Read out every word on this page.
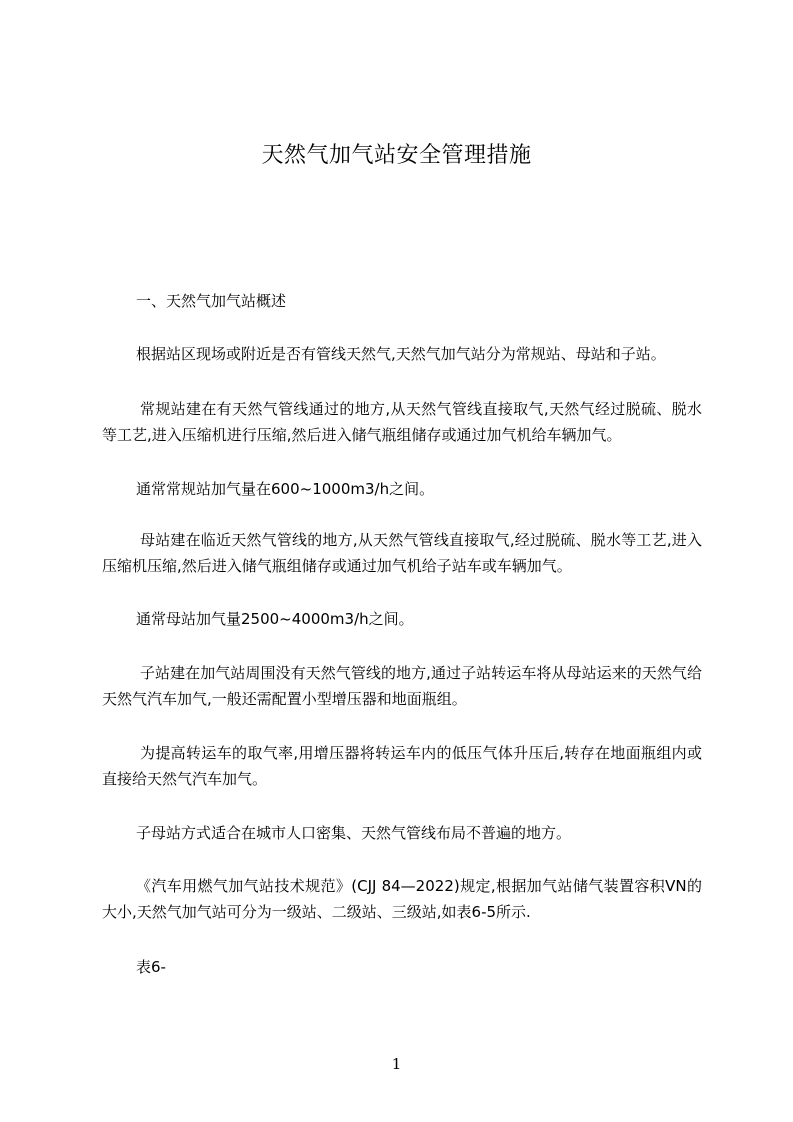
天然气加气站安全管理措施

一、天然气加气站概述

根据站区现场或附近是否有管线天然气,天然气加气站分为常规站、母站和子站。

常规站建在有天然气管线通过的地方,从天然气管线直接取气,天然气经过脱硫、脱水等工艺,进入压缩机进行压缩,然后进入储气瓶组储存或通过加气机给车辆加气。

通常常规站加气量在600~1000m3/h之间。

母站建在临近天然气管线的地方,从天然气管线直接取气,经过脱硫、脱水等工艺,进入压缩机压缩,然后进入储气瓶组储存或通过加气机给子站车或车辆加气。

通常母站加气量2500~4000m3/h之间。

子站建在加气站周围没有天然气管线的地方,通过子站转运车将从母站运来的天然气给天然气汽车加气,一般还需配置小型增压器和地面瓶组。

为提高转运车的取气率,用增压器将转运车内的低压气体升压后,转存在地面瓶组内或直接给天然气汽车加气。

子母站方式适合在城市人口密集、天然气管线布局不普遍的地方。

《汽车用燃气加气站技术规范》(CJJ 84—2022)规定,根据加气站储气装置容积VN的大小,天然气加气站可分为一级站、二级站、三级站,如表6-5所示.

表6-

1
